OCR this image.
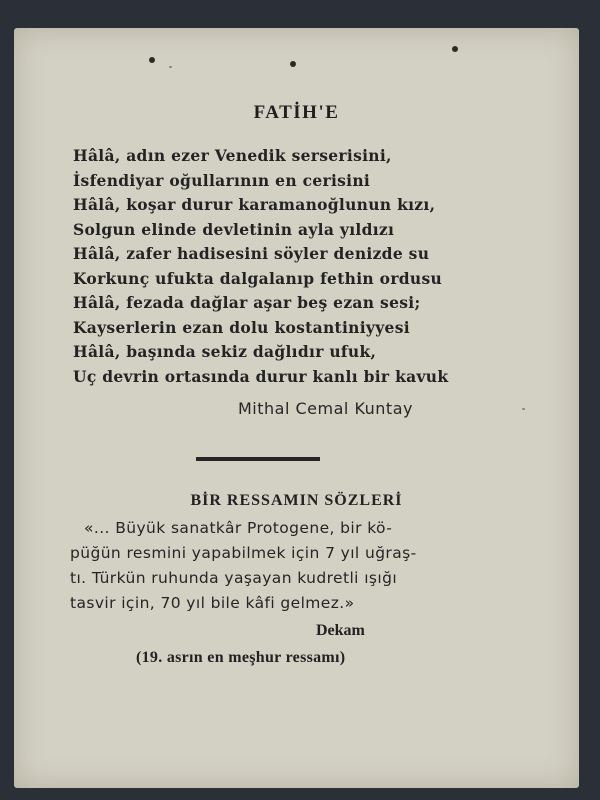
FATİH'E
Hâlâ, adın ezer Venedik serserisini,
İsfendiyar oğullarının en cerisini
Hâlâ, koşar durur karamanoğlunun kızı,
Solgun elinde devletinin ayla yıldızı
Hâlâ, zafer hadisesini söyler denizde su
Korkunç ufukta dalgalanıp fethin ordusu
Hâlâ, fezada dağlar aşar beş ezan sesi;
Kayserlerin ezan dolu kostantiniyyesi
Hâlâ, başında sekiz dağlıdır ufuk,
Uç devrin ortasında durur kanlı bir kavuk
Mithal Cemal Kuntay
BİR RESSAMIN SÖZLERİ
«... Büyük sanatkâr Protogene, bir kö-
püğün resmini yapabilmek için 7 yıl uğraş-
tı. Türkün ruhunda yaşayan kudretli ışığı
tasvir için, 70 yıl bile kâfi gelmez.»
Dekam
(19. asrın en meşhur ressamı)
